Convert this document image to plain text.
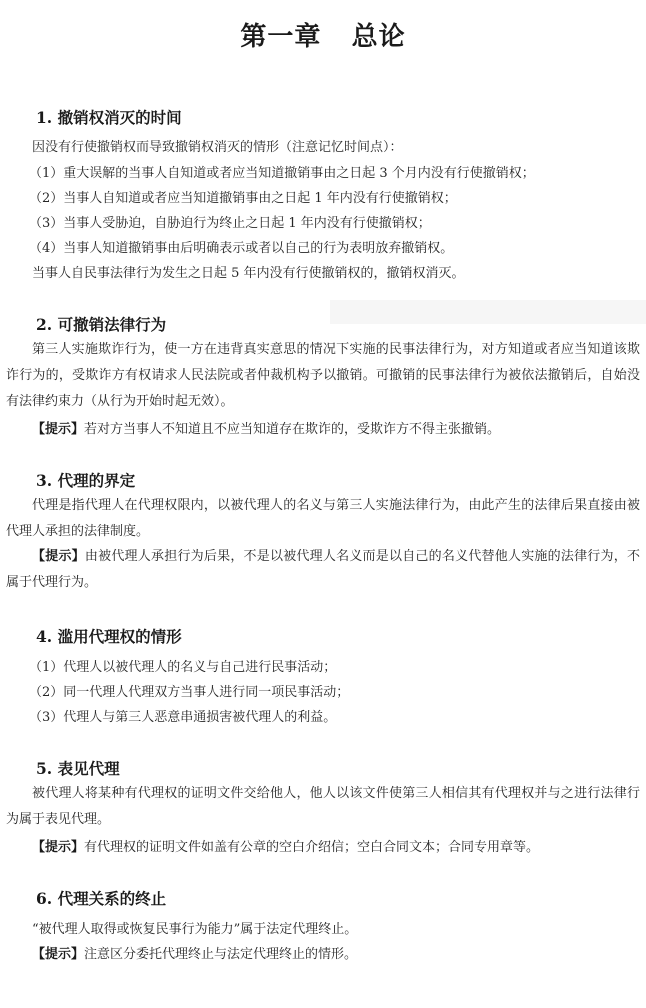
第一章   总论
1. 撤销权消灭的时间
因没有行使撤销权而导致撤销权消灭的情形（注意记忆时间点）：
（1）重大误解的当事人自知道或者应当知道撤销事由之日起 3 个月内没有行使撤销权；
（2）当事人自知道或者应当知道撤销事由之日起 1 年内没有行使撤销权；
（3）当事人受胁迫，自胁迫行为终止之日起 1 年内没有行使撤销权；
（4）当事人知道撤销事由后明确表示或者以自己的行为表明放弃撤销权。
当事人自民事法律行为发生之日起 5 年内没有行使撤销权的，撤销权消灭。
2. 可撤销法律行为
第三人实施欺诈行为，使一方在违背真实意思的情况下实施的民事法律行为，对方知道或者应当知道该欺诈行为的，受欺诈方有权请求人民法院或者仲裁机构予以撤销。可撤销的民事法律行为被依法撤销后，自始没有法律约束力（从行为开始时起无效）。
【提示】若对方当事人不知道且不应当知道存在欺诈的，受欺诈方不得主张撤销。
3. 代理的界定
代理是指代理人在代理权限内，以被代理人的名义与第三人实施法律行为，由此产生的法律后果直接由被代理人承担的法律制度。
【提示】由被代理人承担行为后果，不是以被代理人名义而是以自己的名义代替他人实施的法律行为，不属于代理行为。
4. 滥用代理权的情形
（1）代理人以被代理人的名义与自己进行民事活动；
（2）同一代理人代理双方当事人进行同一项民事活动；
（3）代理人与第三人恶意串通损害被代理人的利益。
5. 表见代理
被代理人将某种有代理权的证明文件交给他人，他人以该文件使第三人相信其有代理权并与之进行法律行为属于表见代理。
【提示】有代理权的证明文件如盖有公章的空白介绍信；空白合同文本；合同专用章等。
6. 代理关系的终止
“被代理人取得或恢复民事行为能力”属于法定代理终止。
【提示】注意区分委托代理终止与法定代理终止的情形。
